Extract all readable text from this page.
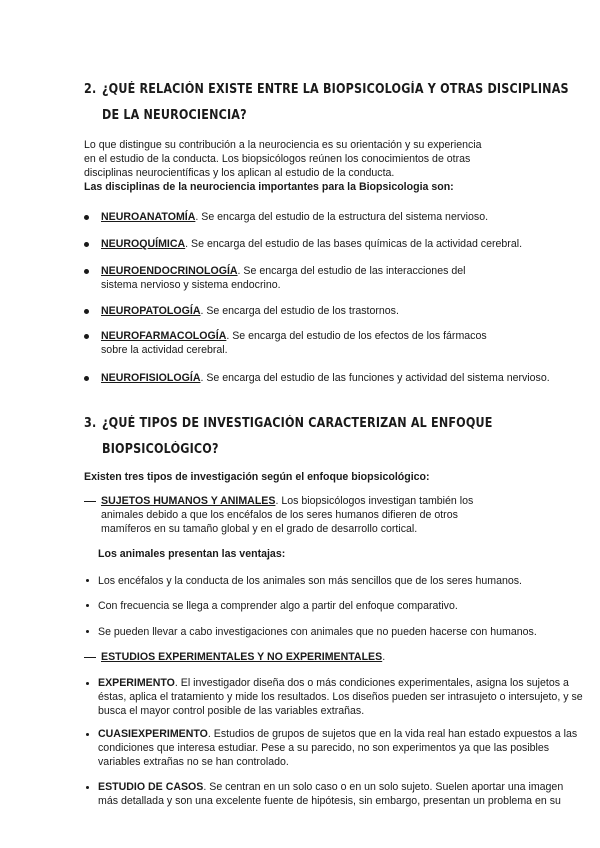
2. ¿QUÉ RELACIÓN EXISTE ENTRE LA BIOPSICOLOGÍA Y OTRAS DISCIPLINAS
DE LA NEUROCIENCIA?
Lo que distingue su contribución a la neurociencia es su orientación y su experiencia
en el estudio de la conducta. Los biopsicólogos reúnen los conocimientos de otras
disciplinas neurocientíficas y los aplican al estudio de la conducta.
Las disciplinas de la neurociencia importantes para la Biopsicologia son:
NEUROANATOMÍA. Se encarga del estudio de la estructura del sistema nervioso.
NEUROQUÍMICA. Se encarga del estudio de las bases químicas de la actividad cerebral.
NEUROENDOCRINOLOGÍA. Se encarga del estudio de las interacciones del
sistema nervioso y sistema endocrino.
NEUROPATOLOGÍA. Se encarga del estudio de los trastornos.
NEUROFARMACOLOGÍA. Se encarga del estudio de los efectos de los fármacos
sobre la actividad cerebral.
NEUROFISIOLOGÍA. Se encarga del estudio de las funciones y actividad del sistema nervioso.
3. ¿QUÉ TIPOS DE INVESTIGACIÓN CARACTERIZAN AL ENFOQUE
BIOPSICOLÓGICO?
Existen tres tipos de investigación según el enfoque biopsicológico:
SUJETOS HUMANOS Y ANIMALES. Los biopsicólogos investigan también los
animales debido a que los encéfalos de los seres humanos difieren de otros
mamíferos en su tamaño global y en el grado de desarrollo cortical.
Los animales presentan las ventajas:
Los encéfalos y la conducta de los animales son más sencillos que de los seres humanos.
Con frecuencia se llega a comprender algo a partir del enfoque comparativo.
Se pueden llevar a cabo investigaciones con animales que no pueden hacerse con humanos.
ESTUDIOS EXPERIMENTALES Y NO EXPERIMENTALES.
EXPERIMENTO. El investigador diseña dos o más condiciones experimentales, asigna los sujetos a
éstas, aplica el tratamiento y mide los resultados. Los diseños pueden ser intrasujeto o intersujeto, y se
busca el mayor control posible de las variables extrañas.
CUASIEXPERIMENTO. Estudios de grupos de sujetos que en la vida real han estado expuestos a las
condiciones que interesa estudiar. Pese a su parecido, no son experimentos ya que las posibles
variables extrañas no se han controlado.
ESTUDIO DE CASOS. Se centran en un solo caso o en un solo sujeto. Suelen aportar una imagen
más detallada y son una excelente fuente de hipótesis, sin embargo, presentan un problema en su
